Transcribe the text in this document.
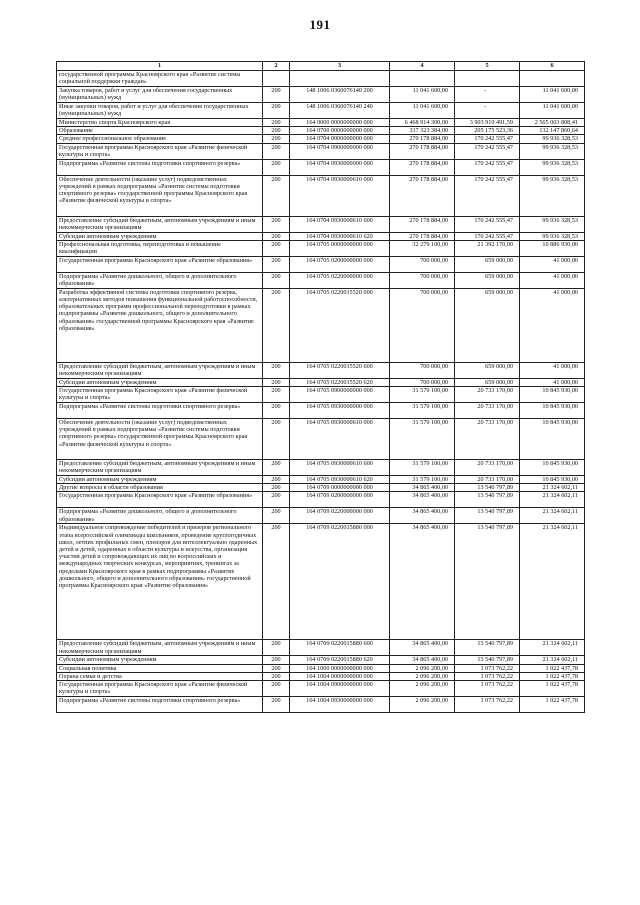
191
1	2	3	4	5	6
государственной программы Красноярского края «Развитие системы социальной поддержки граждан»					
Закупка товаров, работ и услуг для обеспечения государственных (муниципальных) нужд	200	148 1006 0360076140 200	11 041 600,00	-	11 041 600,00
Иные закупки товаров, работ и услуг для обеспечения государственных (муниципальных) нужд	200	148 1006 0360076140 240	11 041 600,00	-	11 041 600,00
Министерство спорта Красноярского края	200	164 0000 0000000000 000	6 468 914 300,00	3 903 910 491,59	2 565 003 808,41
Образование	200	164 0700 0000000000 000	337 323 384,00	205 175 523,36	132 147 860,64
Среднее профессиональное образование	200	164 0704 0000000000 000	270 178 884,00	170 242 555,47	99 936 328,53
Государственная программа Красноярского края «Развитие физической культуры и спорта»	200	164 0704 0900000000 000	270 178 884,00	170 242 555,47	99 936 328,53
Подпрограмма «Развитие системы подготовки спортивного резерва»	200	164 0704 0930000000 000	270 178 884,00	170 242 555,47	99 936 328,53
Обеспечение деятельности (оказание услуг) подведомственных учреждений в рамках подпрограммы «Развитие системы подготовки спортивного резерва» государственной программы Красноярского края «Развитие физической культуры и спорта»	200	164 0704 0930000610 000	270 178 884,00	170 242 555,47	99 936 328,53
Предоставление субсидий бюджетным, автономным учреждениям и иным некоммерческим организациям	200	164 0704 0930000610 600	270 178 884,00	170 242 555,47	99 936 328,53
Субсидии автономным учреждениям	200	164 0704 0930000610 620	270 178 884,00	170 242 555,47	99 936 328,53
Профессиональная подготовка, переподготовка и повышение квалификации	200	164 0705 0000000000 000	32 279 100,00	21 392 170,00	10 886 930,00
Государственная программа Красноярского края «Развитие образования»	200	164 0705 0200000000 000	700 000,00	659 000,00	41 000,00
Подпрограмма «Развитие дошкольного, общего и дополнительного образования»	200	164 0705 0220000000 000	700 000,00	659 000,00	41 000,00
Разработка эффективной системы подготовки спортивного резерва, альтернативных методов повышения функциональной работоспособности, образовательных программ профессиональной переподготовки в рамках подпрограммы «Развитие дошкольного, общего и дополнительного образования» государственной программы Красноярского края «Развитие образования»	200	164 0705 0220015520 000	700 000,00	659 000,00	41 000,00
Предоставление субсидий бюджетным, автономным учреждениям и иным некоммерческим организациям	200	164 0705 0220015520 600	700 000,00	659 000,00	41 000,00
Субсидии автономным учреждениям	200	164 0705 0220015520 620	700 000,00	659 000,00	41 000,00
Государственная программа Красноярского края «Развитие физической культуры и спорта»	200	164 0705 0900000000 000	31 579 100,00	20 733 170,00	10 845 930,00
Подпрограмма «Развитие системы подготовки спортивного резерва»	200	164 0705 0930000000 000	31 579 100,00	20 733 170,00	10 845 930,00
Обеспечение деятельности (оказание услуг) подведомственных учреждений в рамках подпрограммы «Развитие системы подготовки спортивного резерва» государственной программы Красноярского края «Развитие физической культуры и спорта»	200	164 0705 0930000610 000	31 579 100,00	20 733 170,00	10 845 930,00
Предоставление субсидий бюджетным, автономным учреждениям и иным некоммерческим организациям	200	164 0705 0930000610 600	31 579 100,00	20 733 170,00	10 845 930,00
Субсидии автономным учреждениям	200	164 0705 0930000610 620	31 579 100,00	20 733 170,00	10 845 930,00
Другие вопросы в области образования	200	164 0709 0000000000 000	34 865 400,00	13 540 797,89	21 324 602,11
Государственная программа Красноярского края «Развитие образования»	200	164 0709 0200000000 000	34 865 400,00	13 540 797,89	21 324 602,11
Подпрограмма «Развитие дошкольного, общего и дополнительного образования»	200	164 0709 0220000000 000	34 865 400,00	13 540 797,89	21 324 602,11
Индивидуальное сопровождение победителей и призеров регионального этапа всероссийской олимпиады школьников, проведение круглогодичных школ, летних профильных смен, пленэров для интеллектуально одаренных детей и детей, одаренных в области культуры и искусства, организация участия детей и сопровождающих их лиц во всероссийских и международных творческих конкурсах, мероприятиях, тренингах за пределами Красноярского края в рамках подпрограммы «Развитие дошкольного, общего и дополнительного образования» государственной программы Красноярского края «Развитие образования»	200	164 0709 0220015880 000	34 865 400,00	13 540 797,89	21 324 602,11
Предоставление субсидий бюджетным, автономным учреждениям и иным некоммерческим организациям	200	164 0709 0220015880 600	34 865 400,00	13 540 797,89	21 324 602,11
Субсидии автономным учреждениям	200	164 0709 0220015880 620	34 865 400,00	13 540 797,89	21 324 602,11
Социальная политика	200	164 1000 0000000000 000	2 096 200,00	1 073 762,22	1 022 437,78
Охрана семьи и детства	200	164 1004 0000000000 000	2 096 200,00	1 073 762,22	1 022 437,78
Государственная программа Красноярского края «Развитие физической культуры и спорта»	200	164 1004 0900000000 000	2 096 200,00	1 073 762,22	1 022 437,78
Подпрограмма «Развитие системы подготовки спортивного резерва»	200	164 1004 0930000000 000	2 096 200,00	1 073 762,22	1 022 437,78
